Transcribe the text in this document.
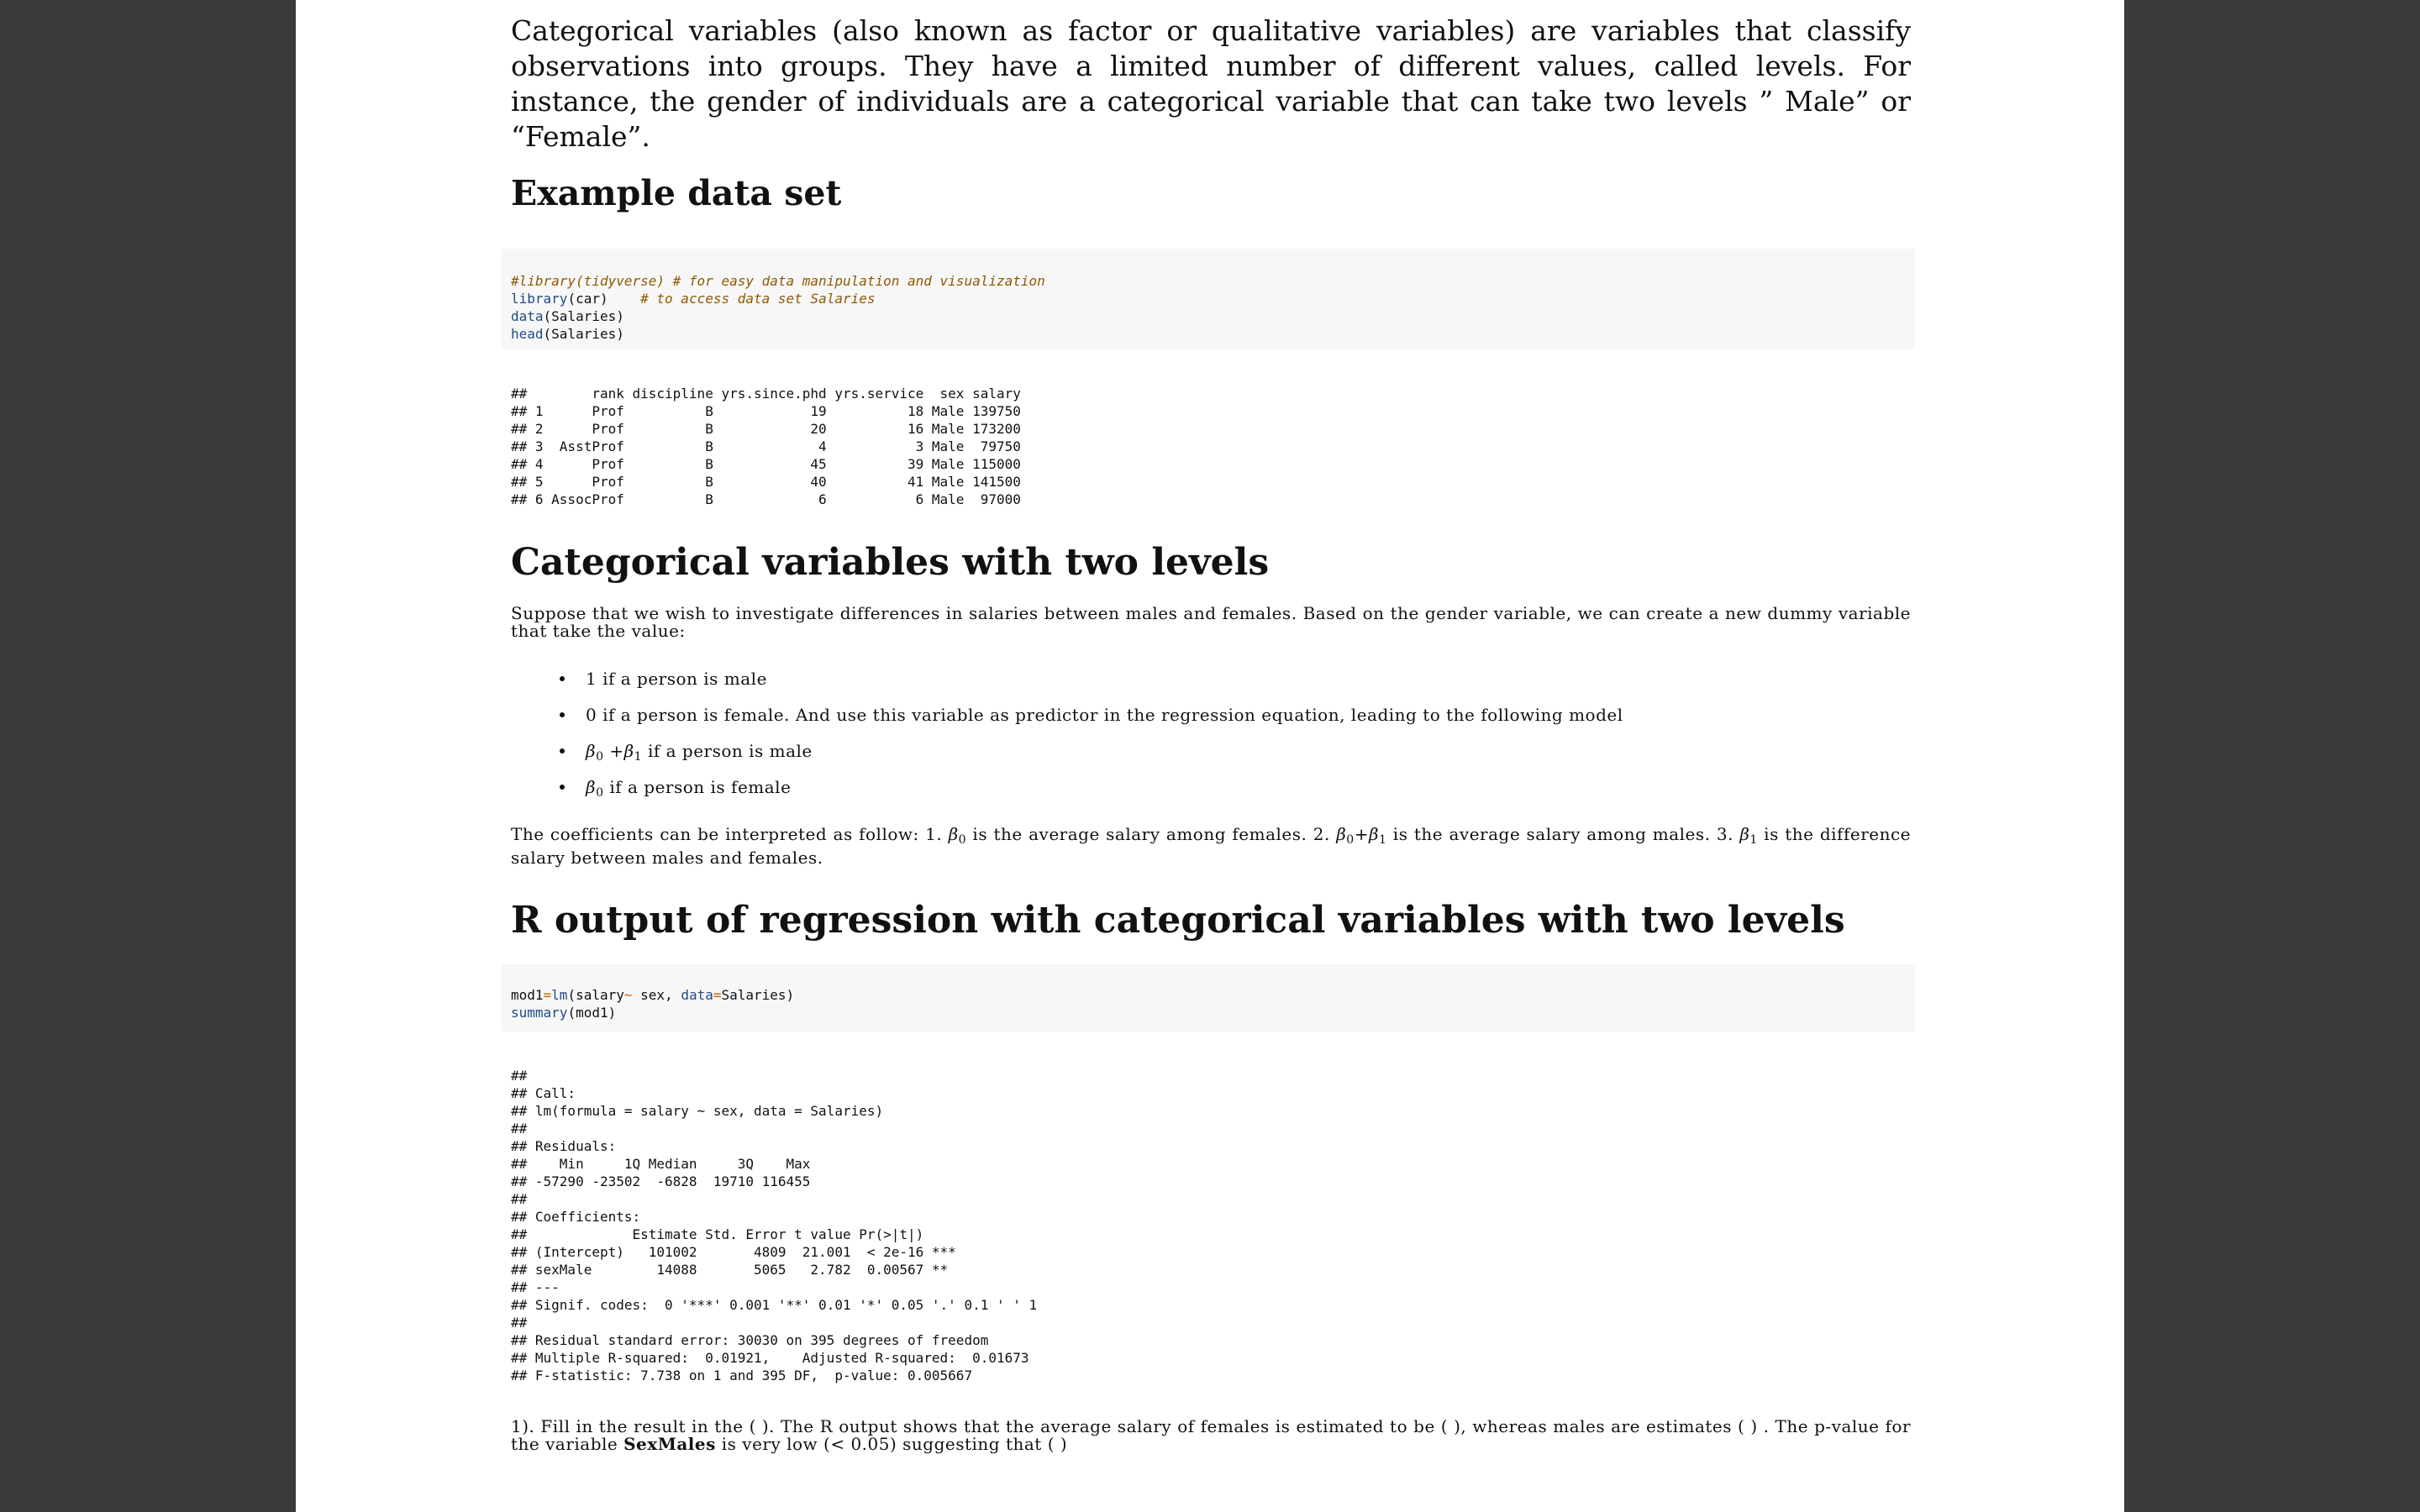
Categorical variables (also known as factor or qualitative variables) are variables that classify observations into groups. They have a limited number of different values, called levels. For instance, the gender of individuals are a categorical variable that can take two levels ” Male” or “Female”.

Example data set
#library(tidyverse) # for easy data manipulation and visualization
library(car)    # to access data set Salaries
data(Salaries)
head(Salaries)
##        rank discipline yrs.since.phd yrs.service  sex salary
## 1      Prof          B            19          18 Male 139750
## 2      Prof          B            20          16 Male 173200
## 3  AsstProf          B             4           3 Male  79750
## 4      Prof          B            45          39 Male 115000
## 5      Prof          B            40          41 Male 141500
## 6 AssocProf          B             6           6 Male  97000
Categorical variables with two levels

Suppose that we wish to investigate differences in salaries between males and females. Based on the gender variable, we can create a new dummy variable that take the value:

1 if a person is male
0 if a person is female. And use this variable as predictor in the regression equation, leading to the following model
$\beta_0 +\beta_1$ if a person is male
$\beta_0$ if a person is female

The coefficients can be interpreted as follow: 1. $\beta_0$ is the average salary among females. 2. $\beta_0+\beta_1$ is the average salary among males. 3. $\beta_1$ is the difference salary between males and females.

R output of regression with categorical variables with two levels
mod1=lm(salary~ sex, data=Salaries)
summary(mod1)
##
## Call:
## lm(formula = salary ~ sex, data = Salaries)
##
## Residuals:
##    Min     1Q Median     3Q    Max
## -57290 -23502  -6828  19710 116455
##
## Coefficients:
##             Estimate Std. Error t value Pr(>|t|)
## (Intercept)   101002       4809  21.001  < 2e-16 ***
## sexMale        14088       5065   2.782  0.00567 **
## ---
## Signif. codes:  0 '***' 0.001 '**' 0.01 '*' 0.05 '.' 0.1 ' ' 1
##
## Residual standard error: 30030 on 395 degrees of freedom
## Multiple R-squared:  0.01921,    Adjusted R-squared:  0.01673
## F-statistic: 7.738 on 1 and 395 DF,  p-value: 0.005667

1). Fill in the result in the ( ). The R output shows that the average salary of females is estimated to be ( ), whereas males are estimates ( ) . The p-value for the variable SexMales is very low (< 0.05) suggesting that ( )
